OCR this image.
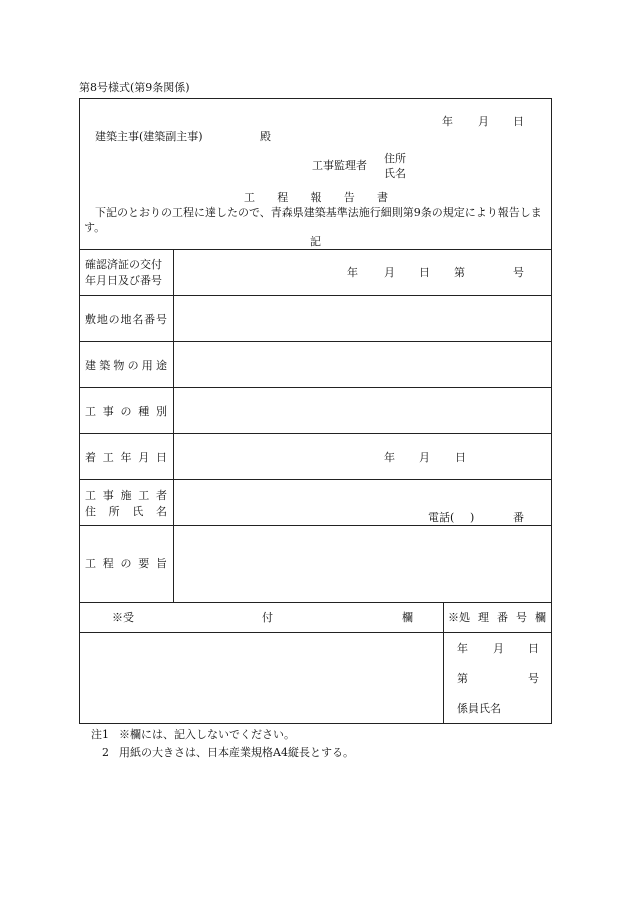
第8号様式(第9条関係)
年 月 日
建築主事(建築副主事)	殿
工事監理者
住所
氏名
工 程 報 告 書
下記のとおりの工程に達したので、青森県建築基準法施行細則第9条の規定により報告します。
記
確認済証の交付
年月日及び番号
年 月 日 第	号
敷 地 の 地 名 番 号
建 築 物 の 用 途
工 事 の 種 別
着 工 年 月 日	年 月 日
工 事 施 工 者
住 所 氏 名	電話( )	番
工 程 の 要 旨
※受	付	欄	※処 理 番 号 欄
年 月 日
第	号
係員氏名
注1 ※欄には、記入しないでください。
2 用紙の大きさは、日本産業規格A4縦長とする。
